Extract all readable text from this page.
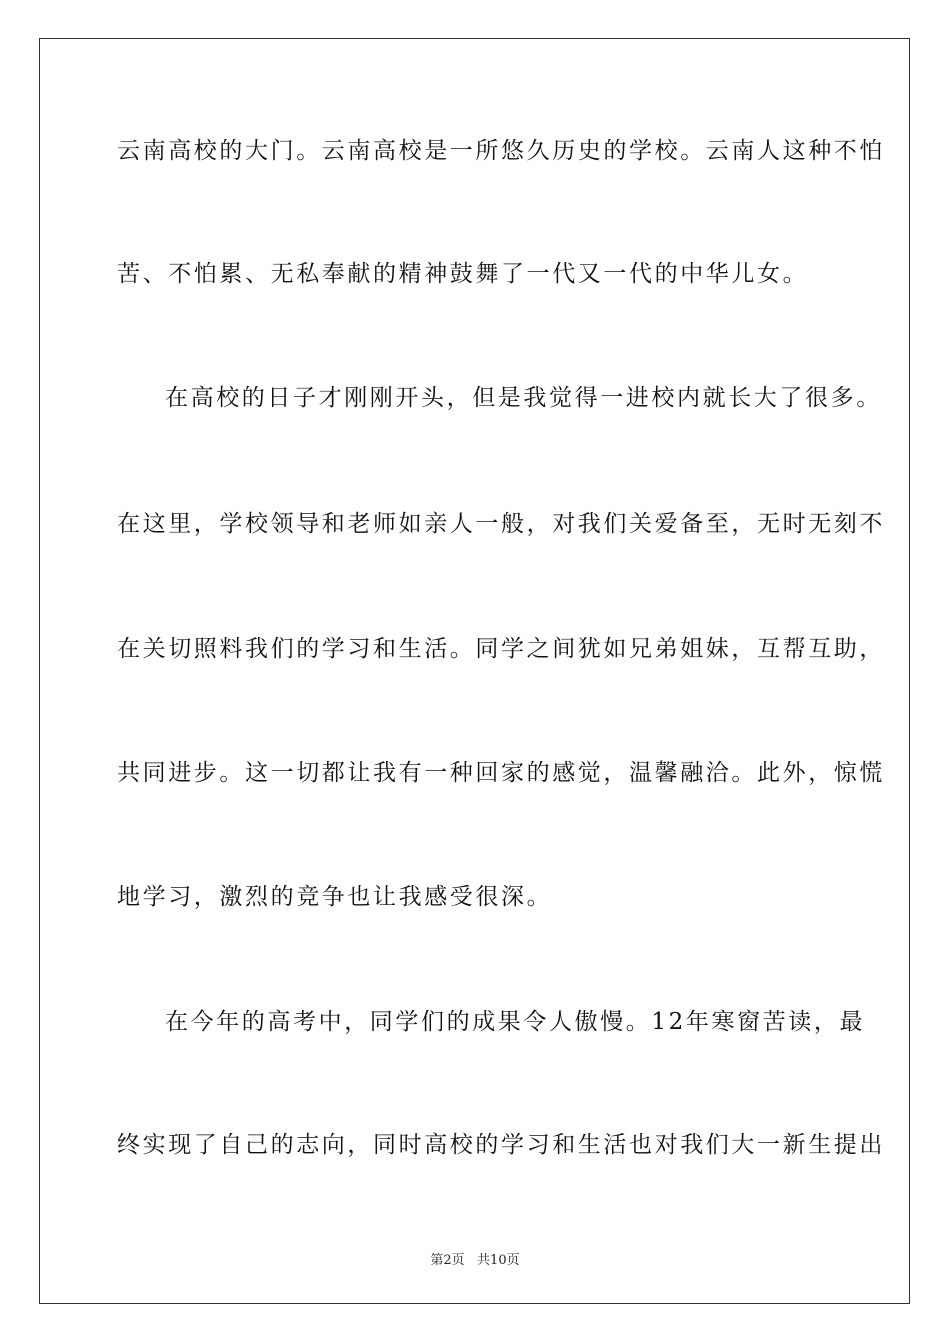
云南高校的大门。云南高校是一所悠久历史的学校。云南人这种不怕
苦、不怕累、无私奉献的精神鼓舞了一代又一代的中华儿女。
在高校的日子才刚刚开头，但是我觉得一进校内就长大了很多。
在这里，学校领导和老师如亲人一般，对我们关爱备至，无时无刻不
在关切照料我们的学习和生活。同学之间犹如兄弟姐妹，互帮互助，
共同进步。这一切都让我有一种回家的感觉，温馨融洽。此外，惊慌
地学习，激烈的竞争也让我感受很深。
在今年的高考中，同学们的成果令人傲慢。12年寒窗苦读，最
终实现了自己的志向，同时高校的学习和生活也对我们大一新生提出
第2页   共10页
